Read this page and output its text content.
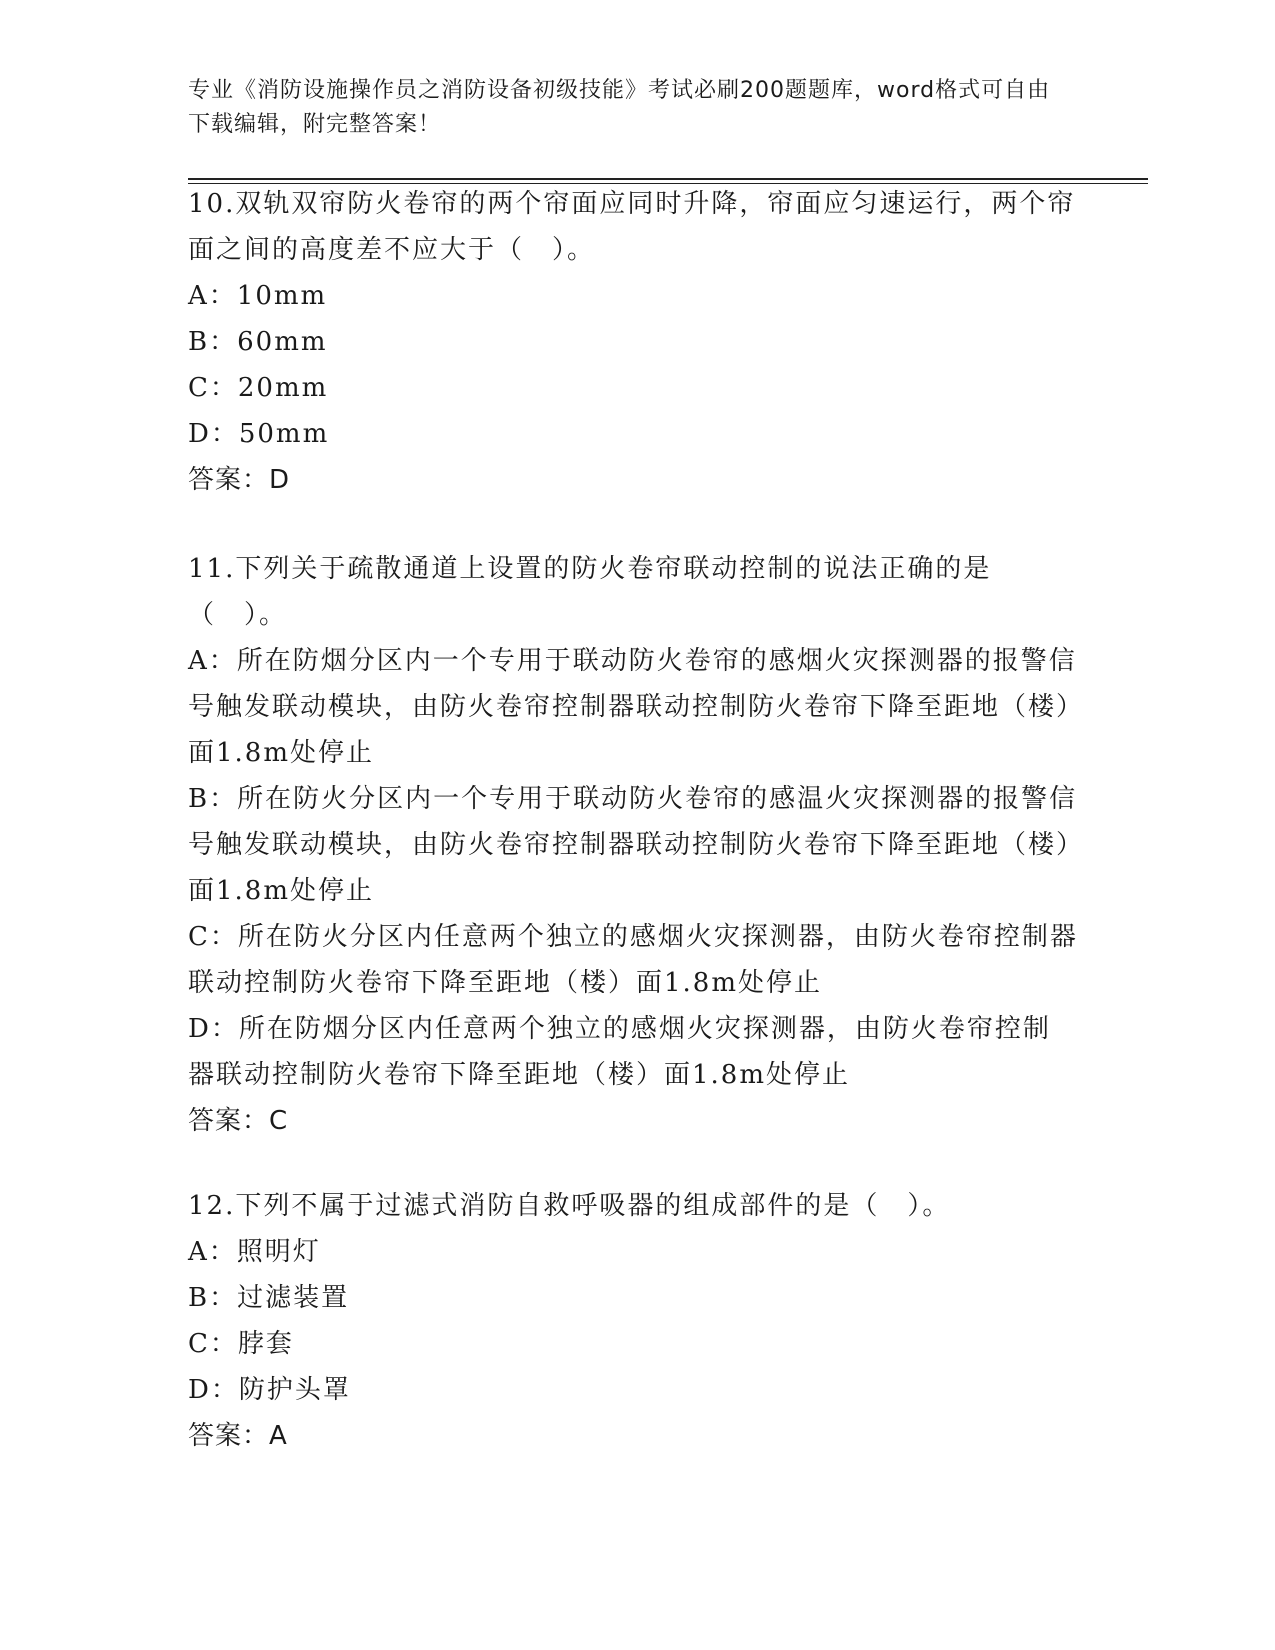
专业《消防设施操作员之消防设备初级技能》考试必刷200题题库，word格式可自由下载编辑，附完整答案！

10.双轨双帘防火卷帘的两个帘面应同时升降，帘面应匀速运行，两个帘面之间的高度差不应大于（　）。

A：10mm

B：60mm

C：20mm

D：50mm

答案：D

11.下列关于疏散通道上设置的防火卷帘联动控制的说法正确的是（　）。

A：所在防烟分区内一个专用于联动防火卷帘的感烟火灾探测器的报警信号触发联动模块，由防火卷帘控制器联动控制防火卷帘下降至距地（楼）面1.8m处停止

B：所在防火分区内一个专用于联动防火卷帘的感温火灾探测器的报警信号触发联动模块，由防火卷帘控制器联动控制防火卷帘下降至距地（楼）面1.8m处停止

C：所在防火分区内任意两个独立的感烟火灾探测器，由防火卷帘控制器联动控制防火卷帘下降至距地（楼）面1.8m处停止

D：所在防烟分区内任意两个独立的感烟火灾探测器，由防火卷帘控制器联动控制防火卷帘下降至距地（楼）面1.8m处停止

答案：C

12.下列不属于过滤式消防自救呼吸器的组成部件的是（　）。

A：照明灯

B：过滤装置

C：脖套

D：防护头罩

答案：A
